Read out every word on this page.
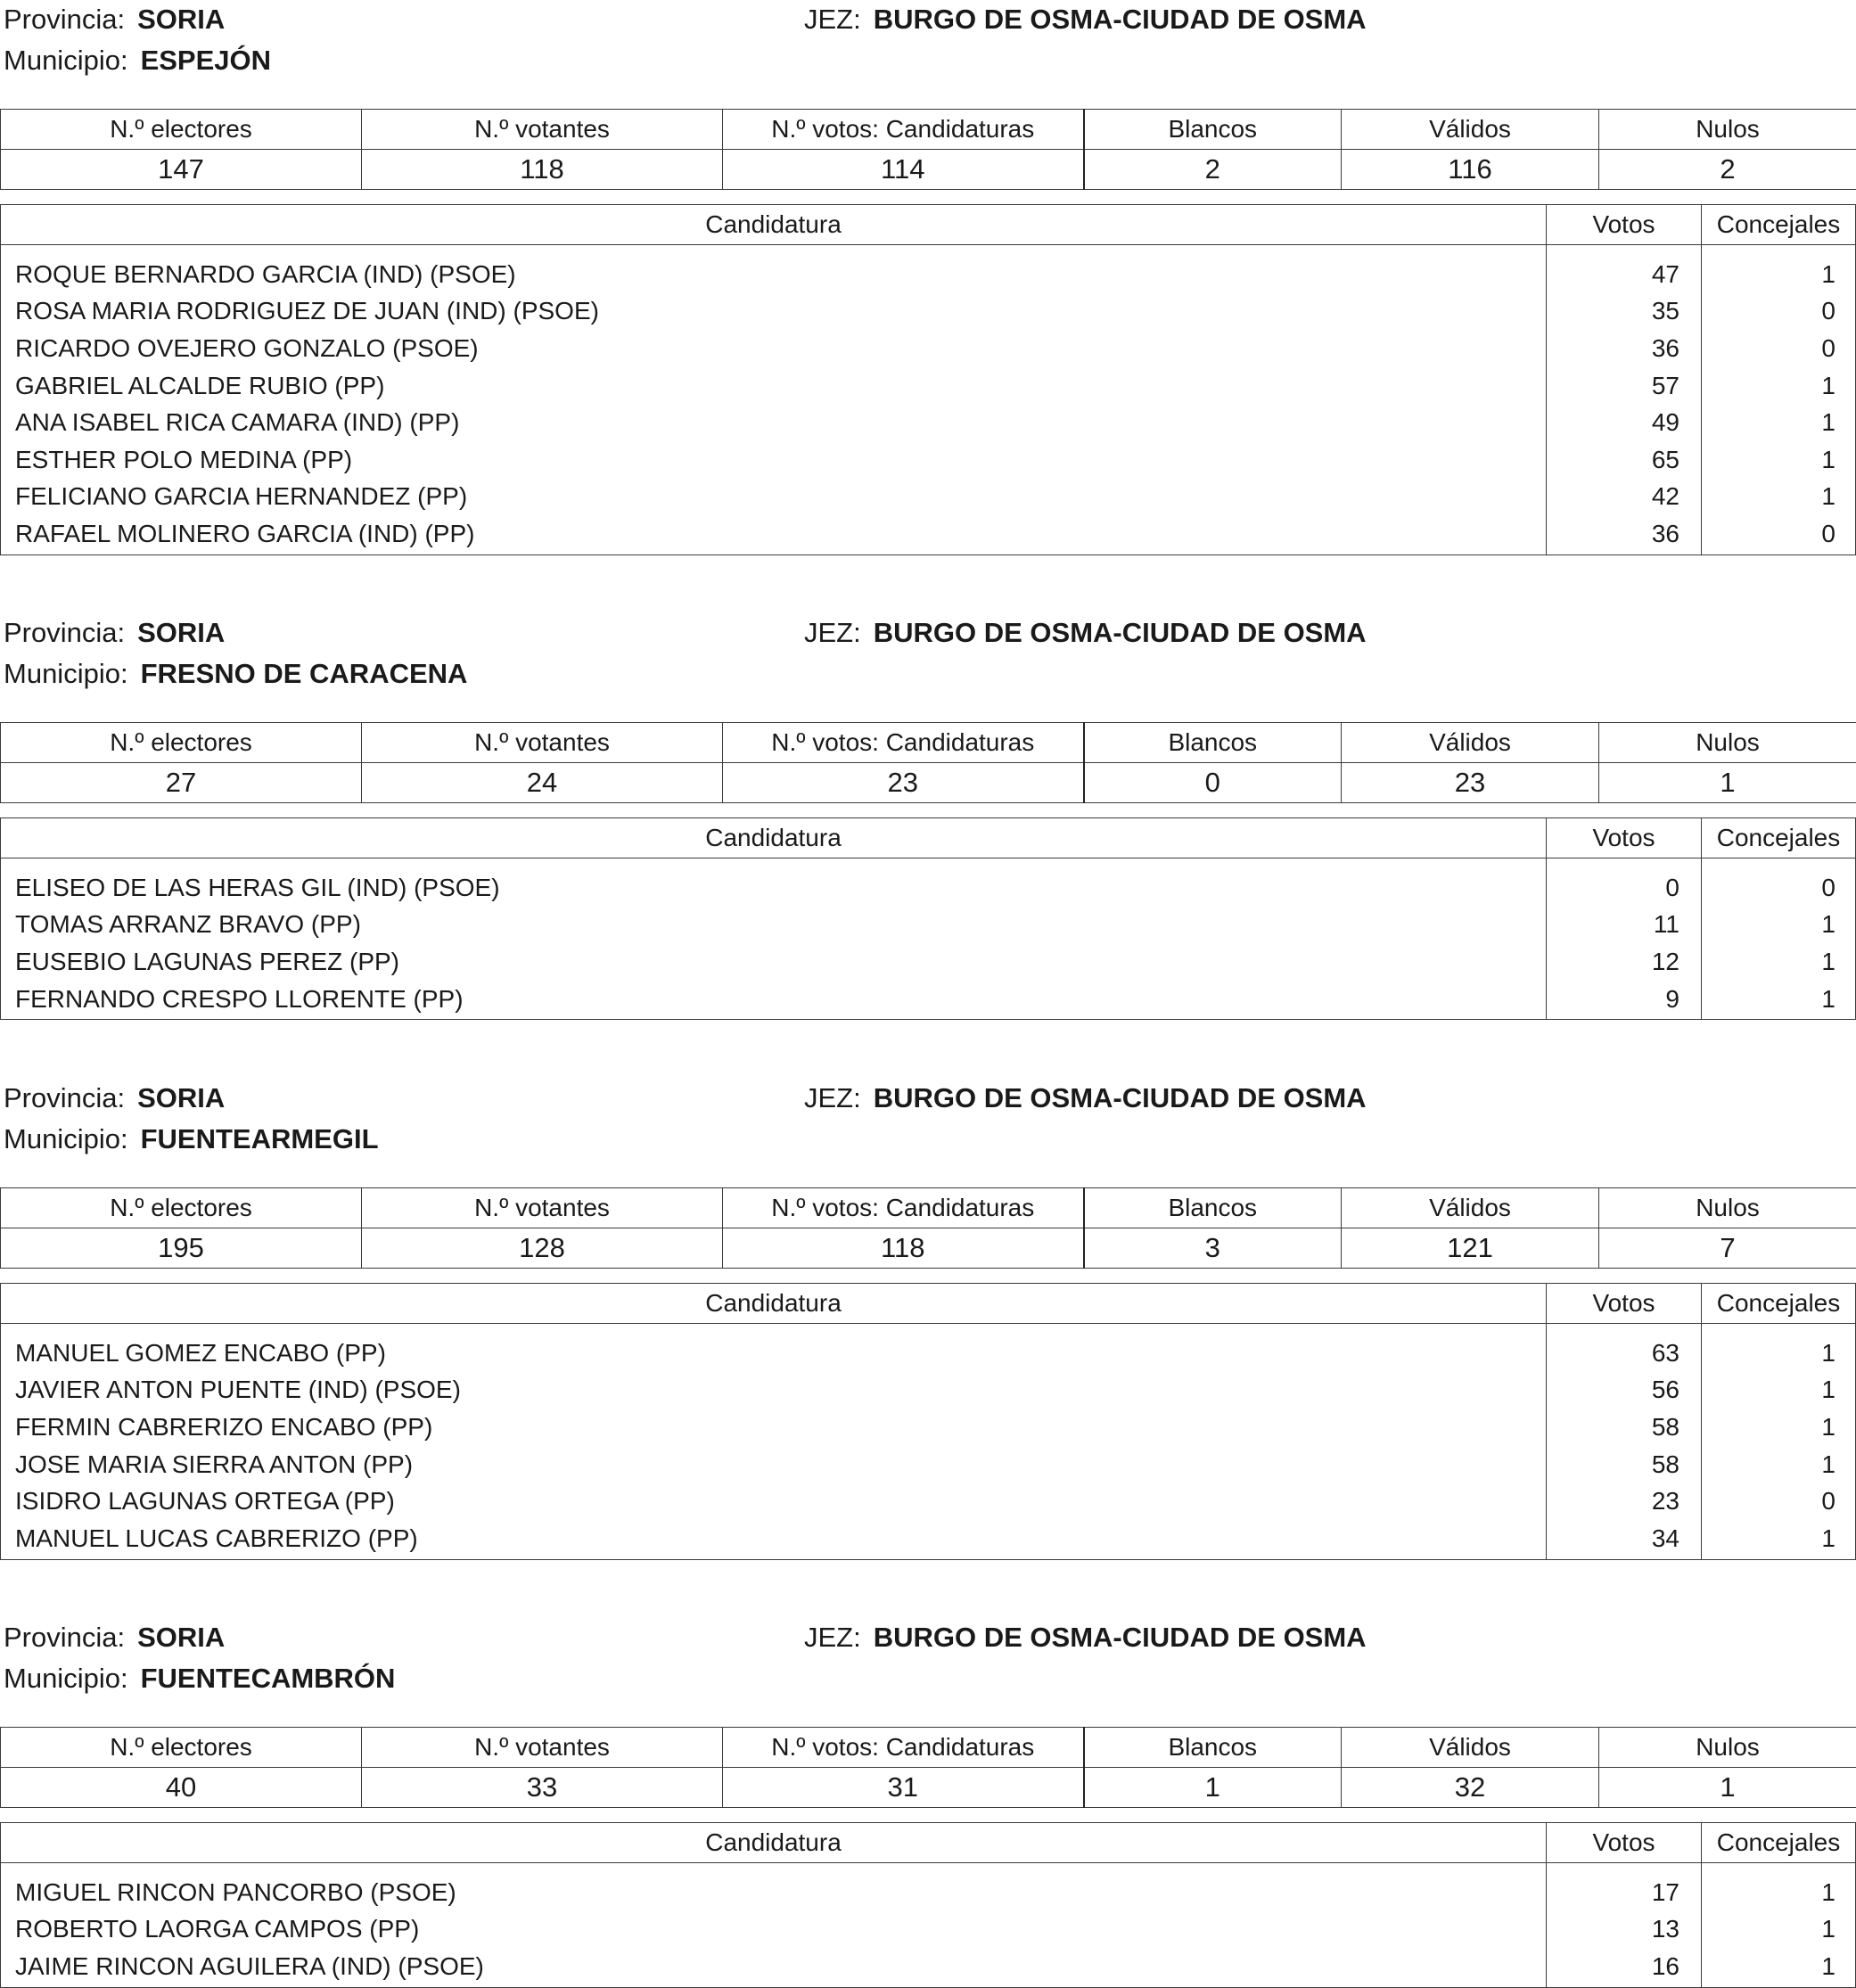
Provincia: SORIA	JEZ: BURGO DE OSMA-CIUDAD DE OSMA
Municipio: ESPEJÓN
N.º electores	N.º votantes	N.º votos: Candidaturas	Blancos	Válidos	Nulos
147	118	114	2	116	2
Candidatura	Votos	Concejales
ROQUE BERNARDO GARCIA (IND) (PSOE)	47	1
ROSA MARIA RODRIGUEZ DE JUAN (IND) (PSOE)	35	0
RICARDO OVEJERO GONZALO (PSOE)	36	0
GABRIEL ALCALDE RUBIO (PP)	57	1
ANA ISABEL RICA CAMARA (IND) (PP)	49	1
ESTHER POLO MEDINA (PP)	65	1
FELICIANO GARCIA HERNANDEZ (PP)	42	1
RAFAEL MOLINERO GARCIA (IND) (PP)	36	0
Provincia: SORIA	JEZ: BURGO DE OSMA-CIUDAD DE OSMA
Municipio: FRESNO DE CARACENA
N.º electores	N.º votantes	N.º votos: Candidaturas	Blancos	Válidos	Nulos
27	24	23	0	23	1
Candidatura	Votos	Concejales
ELISEO DE LAS HERAS GIL (IND) (PSOE)	0	0
TOMAS ARRANZ BRAVO (PP)	11	1
EUSEBIO LAGUNAS PEREZ (PP)	12	1
FERNANDO CRESPO LLORENTE (PP)	9	1
Provincia: SORIA	JEZ: BURGO DE OSMA-CIUDAD DE OSMA
Municipio: FUENTEARMEGIL
N.º electores	N.º votantes	N.º votos: Candidaturas	Blancos	Válidos	Nulos
195	128	118	3	121	7
Candidatura	Votos	Concejales
MANUEL GOMEZ ENCABO (PP)	63	1
JAVIER ANTON PUENTE (IND) (PSOE)	56	1
FERMIN CABRERIZO ENCABO (PP)	58	1
JOSE MARIA SIERRA ANTON (PP)	58	1
ISIDRO LAGUNAS ORTEGA (PP)	23	0
MANUEL LUCAS CABRERIZO (PP)	34	1
Provincia: SORIA	JEZ: BURGO DE OSMA-CIUDAD DE OSMA
Municipio: FUENTECAMBRÓN
N.º electores	N.º votantes	N.º votos: Candidaturas	Blancos	Válidos	Nulos
40	33	31	1	32	1
Candidatura	Votos	Concejales
MIGUEL RINCON PANCORBO (PSOE)	17	1
ROBERTO LAORGA CAMPOS (PP)	13	1
JAIME RINCON AGUILERA (IND) (PSOE)	16	1
